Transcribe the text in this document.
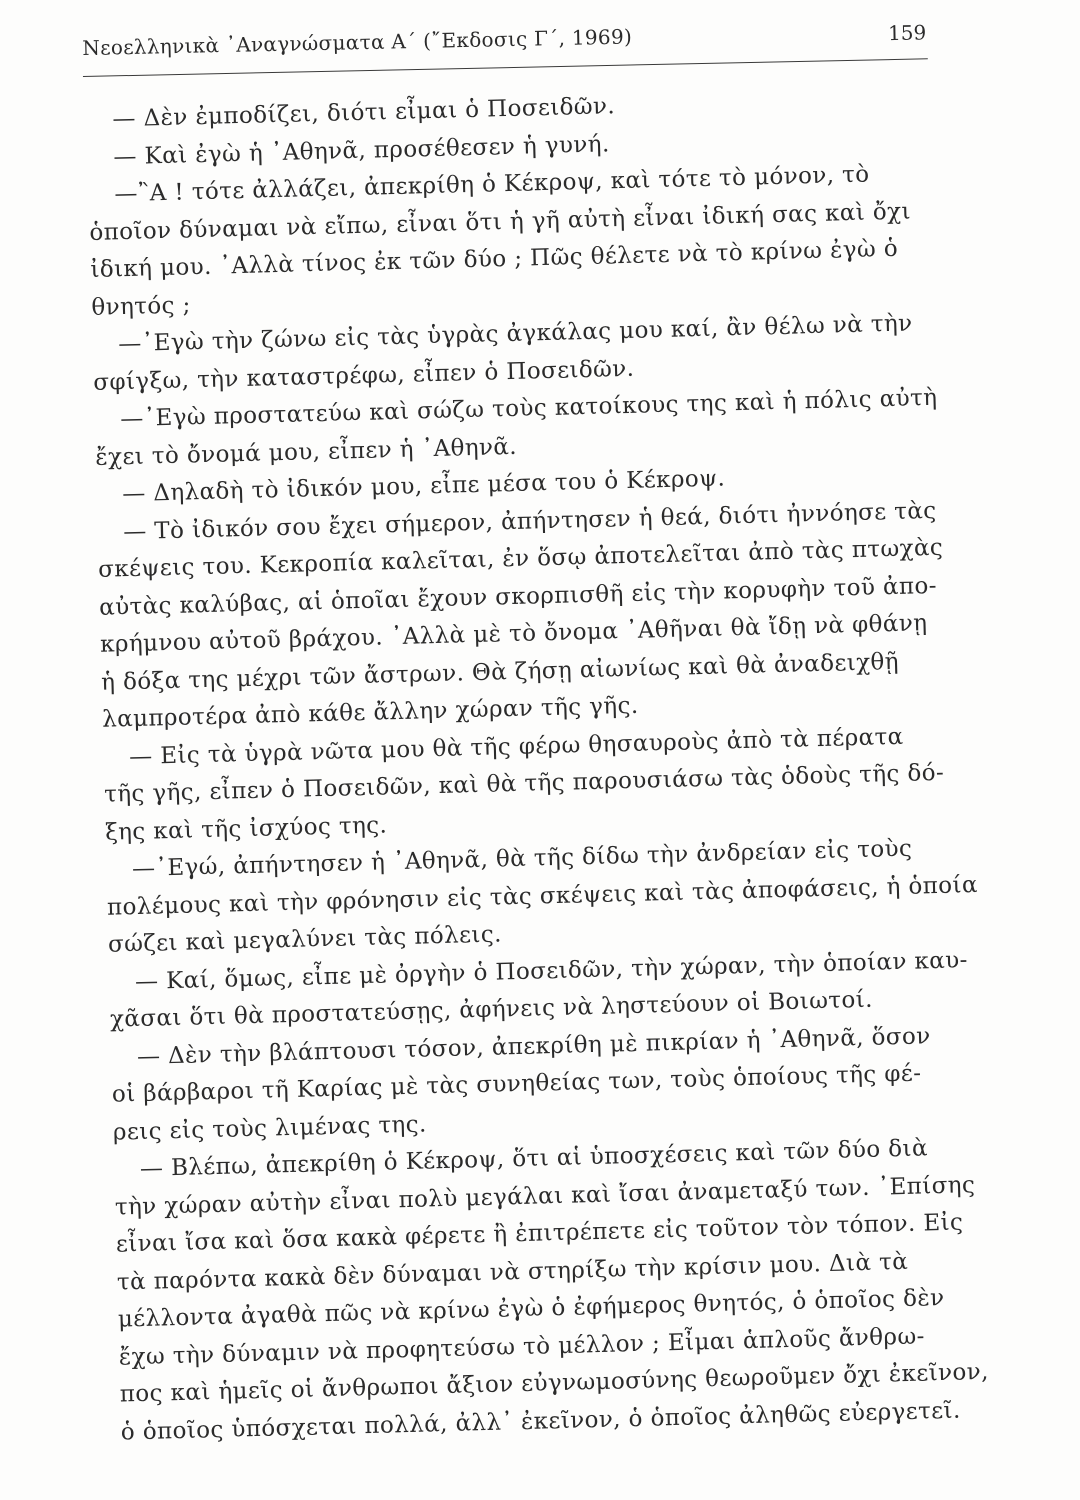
Νεοελληνικὰ ᾿Αναγνώσματα Α΄ (῎Εκδοσις Γ΄, 1969)	159
— Δὲν ἐμποδίζει, διότι εἶμαι ὁ Ποσειδῶν.
— Καὶ ἐγὼ ἡ ᾿Αθηνᾶ, προσέθεσεν ἡ γυνή.
—῍Α ! τότε ἀλλάζει, ἀπεκρίθη ὁ Κέκροψ, καὶ τότε τὸ μόνον, τὸ
ὁποῖον δύναμαι νὰ εἴπω, εἶναι ὅτι ἡ γῆ αὐτὴ εἶναι ἰδική σας καὶ ὄχι
ἰδική μου. ᾿Αλλὰ τίνος ἐκ τῶν δύο ; Πῶς θέλετε νὰ τὸ κρίνω ἐγὼ ὁ
θνητός ;
—᾿Εγὼ τὴν ζώνω εἰς τὰς ὑγρὰς ἀγκάλας μου καί, ἂν θέλω νὰ τὴν
σφίγξω, τὴν καταστρέφω, εἶπεν ὁ Ποσειδῶν.
—᾿Εγὼ προστατεύω καὶ σώζω τοὺς κατοίκους της καὶ ἡ πόλις αὐτὴ
ἔχει τὸ ὄνομά μου, εἶπεν ἡ ᾿Αθηνᾶ.
— Δηλαδὴ τὸ ἰδικόν μου, εἶπε μέσα του ὁ Κέκροψ.
— Τὸ ἰδικόν σου ἔχει σήμερον, ἀπήντησεν ἡ θεά, διότι ἠννόησε τὰς
σκέψεις του. Κεκροπία καλεῖται, ἐν ὅσῳ ἀποτελεῖται ἀπὸ τὰς πτωχὰς
αὐτὰς καλύβας, αἱ ὁποῖαι ἔχουν σκορπισθῆ εἰς τὴν κορυφὴν τοῦ ἀπο-
κρήμνου αὐτοῦ βράχου. ᾿Αλλὰ μὲ τὸ ὄνομα ᾿Αθῆναι θὰ ἴδῃ νὰ φθάνῃ
ἡ δόξα της μέχρι τῶν ἄστρων. Θὰ ζήσῃ αἰωνίως καὶ θὰ ἀναδειχθῇ
λαμπροτέρα ἀπὸ κάθε ἄλλην χώραν τῆς γῆς.
— Εἰς τὰ ὑγρὰ νῶτα μου θὰ τῆς φέρω θησαυροὺς ἀπὸ τὰ πέρατα
τῆς γῆς, εἶπεν ὁ Ποσειδῶν, καὶ θὰ τῆς παρουσιάσω τὰς ὁδοὺς τῆς δό-
ξης καὶ τῆς ἰσχύος της.
—᾿Εγώ, ἀπήντησεν ἡ ᾿Αθηνᾶ, θὰ τῆς δίδω τὴν ἀνδρείαν εἰς τοὺς
πολέμους καὶ τὴν φρόνησιν εἰς τὰς σκέψεις καὶ τὰς ἀποφάσεις, ἡ ὁποία
σώζει καὶ μεγαλύνει τὰς πόλεις.
— Καί, ὅμως, εἶπε μὲ ὀργὴν ὁ Ποσειδῶν, τὴν χώραν, τὴν ὁποίαν καυ-
χᾶσαι ὅτι θὰ προστατεύσῃς, ἀφήνεις νὰ ληστεύουν οἱ Βοιωτοί.
— Δὲν τὴν βλάπτουσι τόσον, ἀπεκρίθη μὲ πικρίαν ἡ ᾿Αθηνᾶ, ὅσον
οἱ βάρβαροι τῆ Καρίας μὲ τὰς συνηθείας των, τοὺς ὁποίους τῆς φέ-
ρεις εἰς τοὺς λιμένας της.
— Βλέπω, ἀπεκρίθη ὁ Κέκροψ, ὅτι αἱ ὑποσχέσεις καὶ τῶν δύο διὰ
τὴν χώραν αὐτὴν εἶναι πολὺ μεγάλαι καὶ ἴσαι ἀναμεταξύ των. ᾿Επίσης
εἶναι ἴσα καὶ ὅσα κακὰ φέρετε ἢ ἐπιτρέπετε εἰς τοῦτον τὸν τόπον. Εἰς
τὰ παρόντα κακὰ δὲν δύναμαι νὰ στηρίξω τὴν κρίσιν μου. Διὰ τὰ
μέλλοντα ἀγαθὰ πῶς νὰ κρίνω ἐγὼ ὁ ἐφήμερος θνητός, ὁ ὁποῖος δὲν
ἔχω τὴν δύναμιν νὰ προφητεύσω τὸ μέλλον ; Εἶμαι ἁπλοῦς ἄνθρω-
πος καὶ ἡμεῖς οἱ ἄνθρωποι ἄξιον εὐγνωμοσύνης θεωροῦμεν ὄχι ἐκεῖνον,
ὁ ὁποῖος ὑπόσχεται πολλά, ἀλλ᾿ ἐκεῖνον, ὁ ὁποῖος ἀληθῶς εὐεργετεῖ.
